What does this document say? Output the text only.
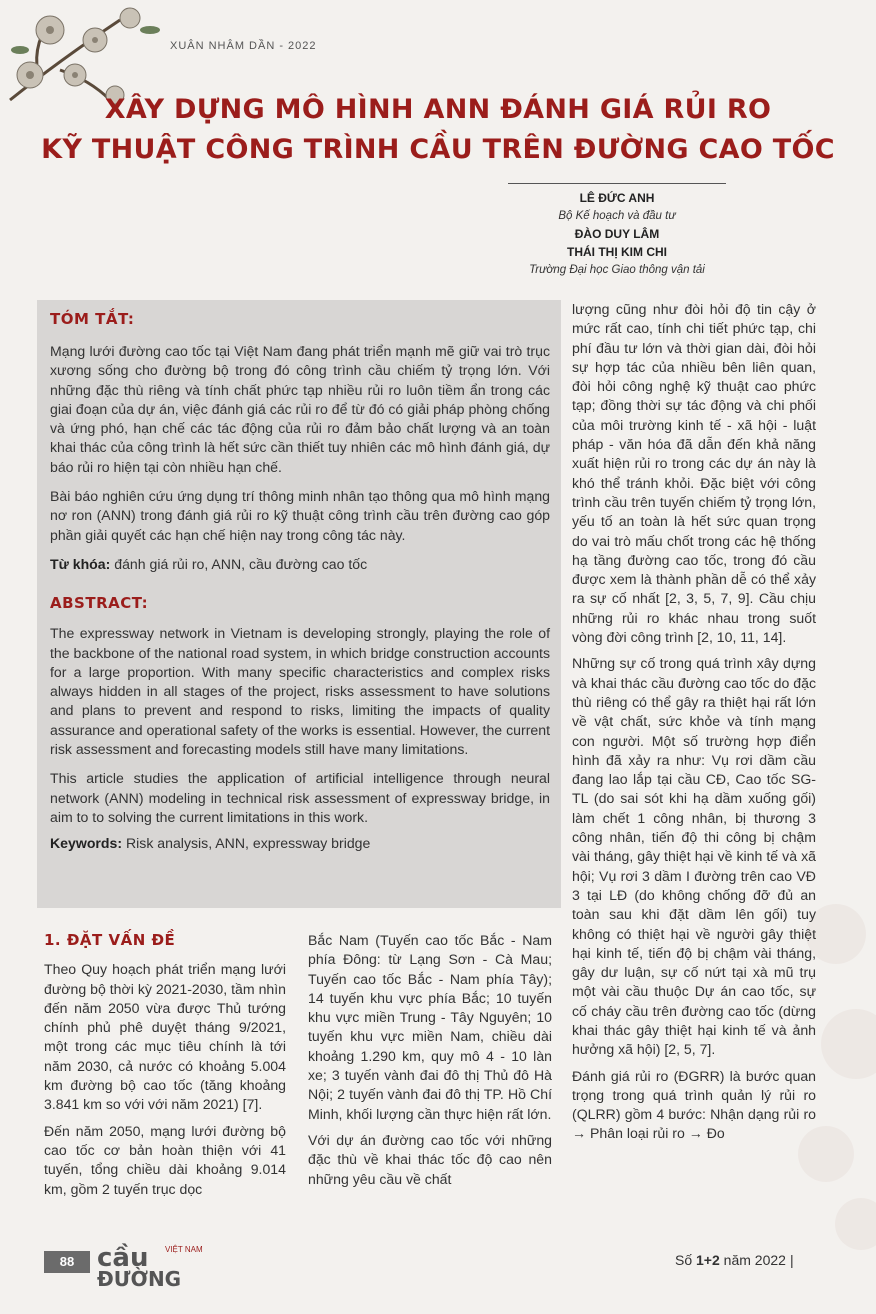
XUÂN NHÂM DẦN - 2022
XÂY DỰNG MÔ HÌNH ANN ĐÁNH GIÁ RỦI RO
KỸ THUẬT CÔNG TRÌNH CẦU TRÊN ĐƯỜNG CAO TỐC
LÊ ĐỨC ANH
Bộ Kế hoạch và đầu tư
ĐÀO DUY LÂM
THÁI THỊ KIM CHI
Trường Đại học Giao thông vận tải
TÓM TẮT:
Mạng lưới đường cao tốc tại Việt Nam đang phát triển mạnh mẽ giữ vai trò trục xương sống cho đường bộ trong đó công trình cầu chiếm tỷ trọng lớn. Với những đặc thù riêng và tính chất phức tạp nhiều rủi ro luôn tiềm ẩn trong các giai đoạn của dự án, việc đánh giá các rủi ro để từ đó có giải pháp phòng chống và ứng phó, hạn chế các tác động của rủi ro đảm bảo chất lượng và an toàn khai thác của công trình là hết sức cần thiết tuy nhiên các mô hình đánh giá, dự báo rủi ro hiện tại còn nhiều hạn chế.
Bài báo nghiên cứu ứng dụng trí thông minh nhân tạo thông qua mô hình mạng nơ ron (ANN) trong đánh giá rủi ro kỹ thuật công trình cầu trên đường cao góp phần giải quyết các hạn chế hiện nay trong công tác này.
Từ khóa: đánh giá rủi ro, ANN, cầu đường cao tốc
ABSTRACT:
The expressway network in Vietnam is developing strongly, playing the role of the backbone of the national road system, in which bridge construction accounts for a large proportion. With many specific characteristics and complex risks always hidden in all stages of the project, risks assessment to have solutions and plans to prevent and respond to risks, limiting the impacts of quality assurance and operational safety of the works is essential. However, the current risk assessment and forecasting models still have many limitations.
This article studies the application of artificial intelligence through neural network (ANN) modeling in technical risk assessment of expressway bridge, in aim to to solving the current limitations in this work.
Keywords: Risk analysis, ANN, expressway bridge

lượng cũng như đòi hỏi độ tin cậy ở mức rất cao, tính chi tiết phức tạp, chi phí đầu tư lớn và thời gian dài, đòi hỏi sự hợp tác của nhiều bên liên quan, đòi hỏi công nghệ kỹ thuật cao phức tạp; đồng thời sự tác động và chi phối của môi trường kinh tế - xã hội - luật pháp - văn hóa đã dẫn đến khả năng xuất hiện rủi ro trong các dự án này là khó thể tránh khỏi. Đặc biệt với công trình cầu trên tuyến chiếm tỷ trọng lớn, yếu tố an toàn là hết sức quan trọng do vai trò mấu chốt trong các hệ thống hạ tầng đường cao tốc, trong đó cầu được xem là thành phần dễ có thể xảy ra sự cố nhất [2, 3, 5, 7, 9]. Cầu chịu những rủi ro khác nhau trong suốt vòng đời công trình [2, 10, 11, 14].

Những sự cố trong quá trình xây dựng và khai thác cầu đường cao tốc do đặc thù riêng có thể gây ra thiệt hại rất lớn về vật chất, sức khỏe và tính mạng con người. Một số trường hợp điển hình đã xảy ra như: Vụ rơi dầm cầu đang lao lắp tại cầu CĐ, Cao tốc SG-TL (do sai sót khi hạ dầm xuống gối) làm chết 1 công nhân, bị thương 3 công nhân, tiến độ thi công bị chậm vài tháng, gây thiệt hại về kinh tế và xã hội; Vụ rơi 3 dầm I đường trên cao VĐ 3 tại LĐ (do không chống đỡ đủ an toàn sau khi đặt dầm lên gối) tuy không có thiệt hại về người gây thiệt hại kinh tế, tiến độ bị chậm vài tháng, gây dư luận, sự cố nứt tại xà mũ trụ một vài cầu thuộc Dự án cao tốc, sự cố cháy cầu trên đường cao tốc (dừng khai thác gây thiệt hại kinh tế và ảnh hưởng xã hội) [2, 5, 7].

Đánh giá rủi ro (ĐGRR) là bước quan trọng trong quá trình quản lý rủi ro (QLRR) gồm 4 bước: Nhận dạng rủi ro → Phân loại rủi ro → Đo

1. ĐẶT VẤN ĐỀ

Theo Quy hoạch phát triển mạng lưới đường bộ thời kỳ 2021-2030, tầm nhìn đến năm 2050 vừa được Thủ tướng chính phủ phê duyệt tháng 9/2021, một trong các mục tiêu chính là tới năm 2030, cả nước có khoảng 5.004 km đường bộ cao tốc (tăng khoảng 3.841 km so với với năm 2021) [7].

Đến năm 2050, mạng lưới đường bộ cao tốc cơ bản hoàn thiện với 41 tuyến, tổng chiều dài khoảng 9.014 km, gồm 2 tuyến trục dọc

Bắc Nam (Tuyến cao tốc Bắc - Nam phía Đông: từ Lạng Sơn - Cà Mau; Tuyến cao tốc Bắc - Nam phía Tây); 14 tuyến khu vực phía Bắc; 10 tuyến khu vực miền Trung - Tây Nguyên; 10 tuyến khu vực miền Nam, chiều dài khoảng 1.290 km, quy mô 4 - 10 làn xe; 3 tuyến vành đai đô thị Thủ đô Hà Nội; 2 tuyến vành đai đô thị TP. Hồ Chí Minh, khối lượng cần thực hiện rất lớn.

Với dự án đường cao tốc với những đặc thù về khai thác tốc độ cao nên những yêu cầu về chất

88 cầu VIỆT NAM
ĐƯỜNG
Số 1+2 năm 2022 |
